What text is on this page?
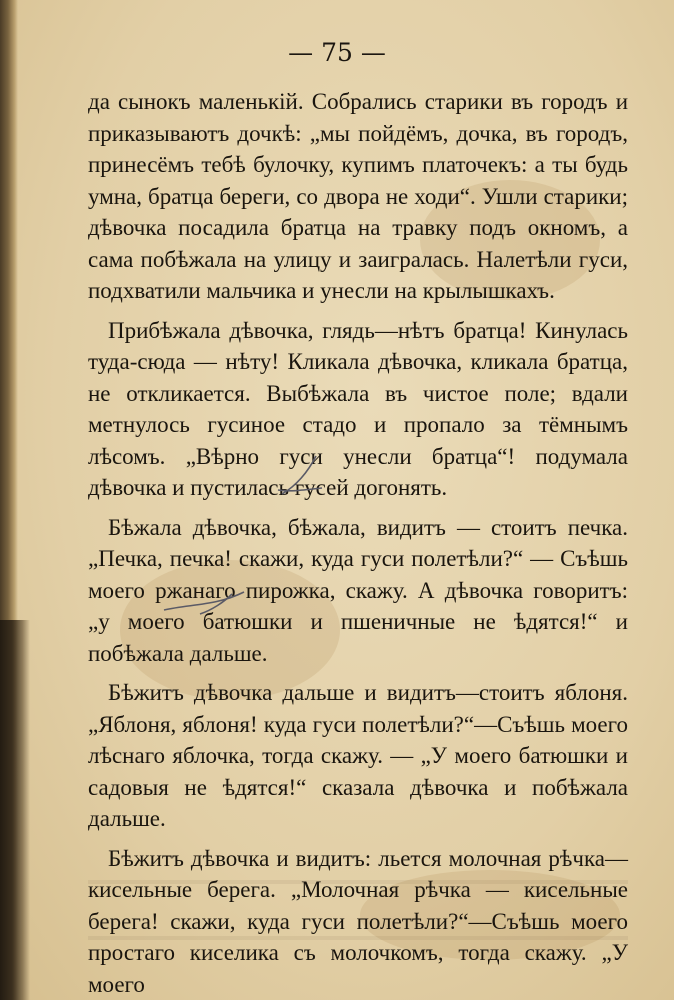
— 75 —

да сынокъ маленькій. Собрались старики въ городъ и приказываютъ дочкѣ: „мы пойдёмъ, дочка, въ городъ, принесёмъ тебѣ булочку, купимъ платочекъ: а ты будь умна, братца береги, со двора не ходи“. Ушли старики; дѣвочка посадила братца на травку подъ окномъ, а сама побѣжала на улицу и заигралась. Налетѣли гуси, подхватили мальчика и унесли на крылышкахъ.

Прибѣжала дѣвочка, глядь—нѣтъ братца! Кинулась туда-сюда — нѣту! Кликала дѣвочка, кликала братца, не откликается. Выбѣжала въ чистое поле; вдали метнулось гусиное стадо и пропало за тёмнымъ лѣсомъ. „Вѣрно гуси унесли братца“! подумала дѣвочка и пустилась гусей догонять.

Бѣжала дѣвочка, бѣжала, видитъ — стоитъ печка. „Печка, печка! скажи, куда гуси полетѣли?“ — Съѣшь моего ржанаго пирожка, скажу. А дѣвочка говоритъ: „у моего батюшки и пшеничные не ѣдятся!“ и побѣжала дальше.

Бѣжитъ дѣвочка дальше и видитъ—стоитъ яблоня. „Яблоня, яблоня! куда гуси полетѣли?“—Съѣшь моего лѣснаго яблочка, тогда скажу. — „У моего батюшки и садовыя не ѣдятся!“ сказала дѣвочка и побѣжала дальше.

Бѣжитъ дѣвочка и видитъ: льется молочная рѣчка—кисельные берега. „Молочная рѣчка — кисельные берега! скажи, куда гуси полетѣли?“—Съѣшь моего простаго киселика съ молочкомъ, тогда скажу. „У моего
